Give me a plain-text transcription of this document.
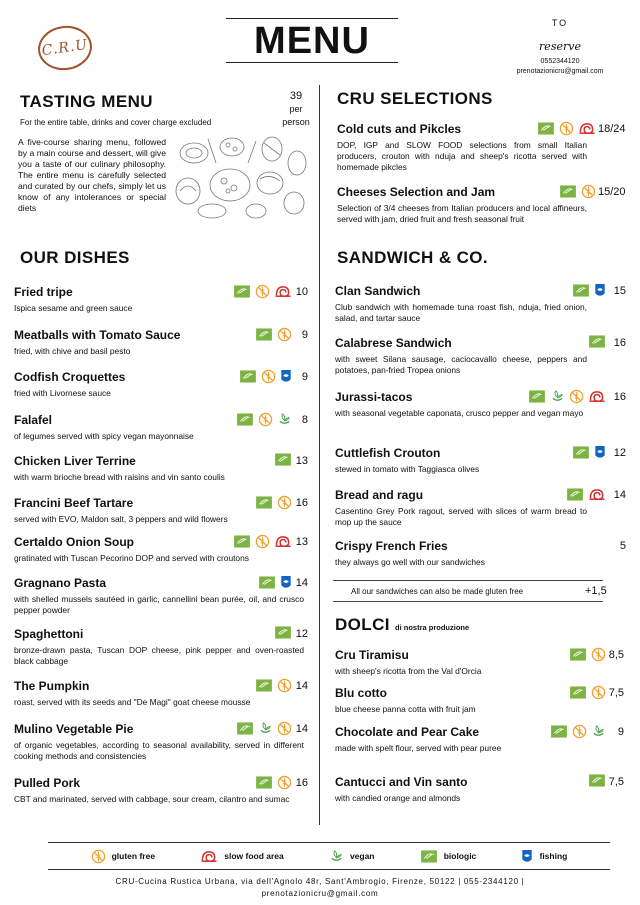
C.R.U	MENU	TO
reserve
0552344120
prenotazionicru@gmail.com
TASTING MENU	39
per
person
For the entire table, drinks and cover charge excluded
A five-course sharing menu, followed by a main course and dessert, will give you a taste of our culinary philosophy. The entire menu is carefully selected and curated by our chefs, simply let us know of any intolerances or special diets
OUR DISHES
Fried tripe
Ispica sesame and green sauce
10
Meatballs with Tomato Sauce
fried, with chive and basil pesto
9
Codfish Croquettes
fried with Livornese sauce
9
Falafel
of legumes served with spicy vegan mayonnaise
8
Chicken Liver Terrine
with warm brioche bread with raisins and vin santo coulis
13
Francini Beef Tartare
served with EVO, Maldon salt, 3 peppers and wild flowers
16
Certaldo Onion Soup
gratinated with Tuscan Pecorino DOP and served with croutons
13
Gragnano Pasta
with shelled mussels sautéed in garlic, cannellini bean purée, oil, and crusco pepper powder
14
Spaghettoni
bronze-drawn pasta, Tuscan DOP cheese, pink pepper and oven-roasted black cabbage
12
The Pumpkin
roast, served with its seeds and "De Magi" goat cheese mousse
14
Mulino Vegetable Pie
of organic vegetables, according to seasonal availability, served in different cooking methods and consistencies
14
Pulled Pork
CBT and marinated, served with cabbage, sour cream, cilantro and sumac
16
CRU SELECTIONS
Cold cuts and Pikcles
DOP, IGP and SLOW FOOD selections from small Italian producers, crouton with nduja and sheep's ricotta served with homemade pikcles
18/24
Cheeses Selection and Jam
Selection of 3/4 cheeses from Italian producers and local affineurs, served with jam, dried fruit and fresh seasonal fruit
15/20
SANDWICH & CO.
Clan Sandwich
Club sandwich with homemade tuna roast fish, nduja, fried onion, salad, and tartar sauce
15
Calabrese Sandwich
with sweet Silana sausage, caciocavallo cheese, peppers and potatoes, pan-fried Tropea onions
16
Jurassi-tacos
with seasonal vegetable caponata, crusco pepper and vegan mayo
16
Cuttlefish Crouton
stewed in tomato with Taggiasca olives
12
Bread and ragu
Casentino Grey Pork ragout, served with slices of warm bread to mop up the sauce
14
Crispy French Fries
they always go well with our sandwiches
5
All our sandwiches can also be made gluten free	+1,5
DOLCI di nostra produzione
Cru Tiramisu
with sheep's ricotta from the Val d'Orcia
8,5
Blu cotto
blue cheese panna cotta with fruit jam
7,5
Chocolate and Pear Cake
made with spelt flour, served with pear puree
9
Cantucci and Vin santo
with candied orange and almonds
7,5
gluten free	slow food area	vegan	biologic	fishing
CRU-Cucina Rustica Urbana, via dell'Agnolo 48r, Sant'Ambrogio, Firenze, 50122 | 055-2344120 |
prenotazionicru@gmail.com
